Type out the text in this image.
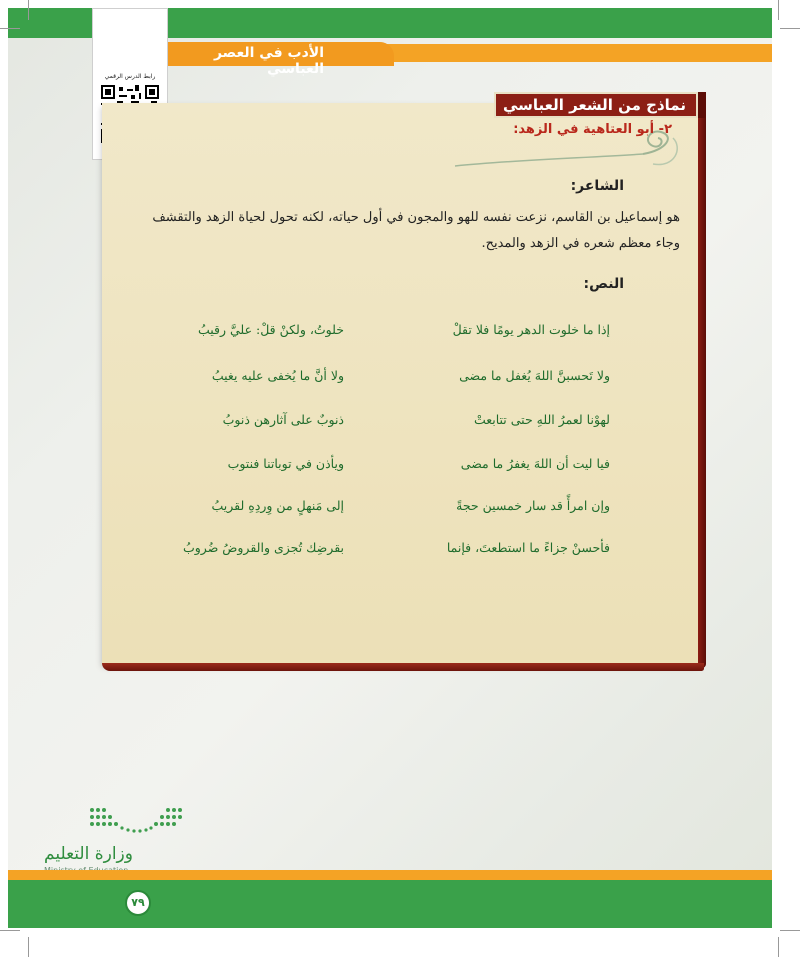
الأدب في العصر العباسي
رابط الدرس الرقمي
نماذج من الشعر العباسي
٢- أبو العتاهية في الزهد:
الشاعر:
هو إسماعيل بن القاسم، نزعت نفسه للهو والمجون في أول حياته، لكنه تحول لحياة الزهد والتقشف وجاء معظم شعره في الزهد والمديح.
النص:
إذا ما خلوت الدهر يومًا فلا تقلْ
خلوتُ، ولكنْ قلْ: عليَّ رقيبُ
ولا تَحسبنَّ اللهَ يُغفل ما مضى
ولا أنَّ ما يُخفى عليه يغيبُ
لهوْنا لعمرُ اللهِ حتى تتابعتْ
ذنوبٌ على آثارهن ذنوبُ
فيا ليت أن اللهَ يغفرُ ما مضى
ويأذن في توباتنا فنتوب
وإن امرأً قد سار خمسين حجةً
إلى مَنهلٍ من وِردِهِ لقريبُ
فأحسنْ جزاءً ما استطعتَ، فإنما
بقرضِك تُجزى والقروضُ ضُروبُ
وزارة التعليم
٧٩
